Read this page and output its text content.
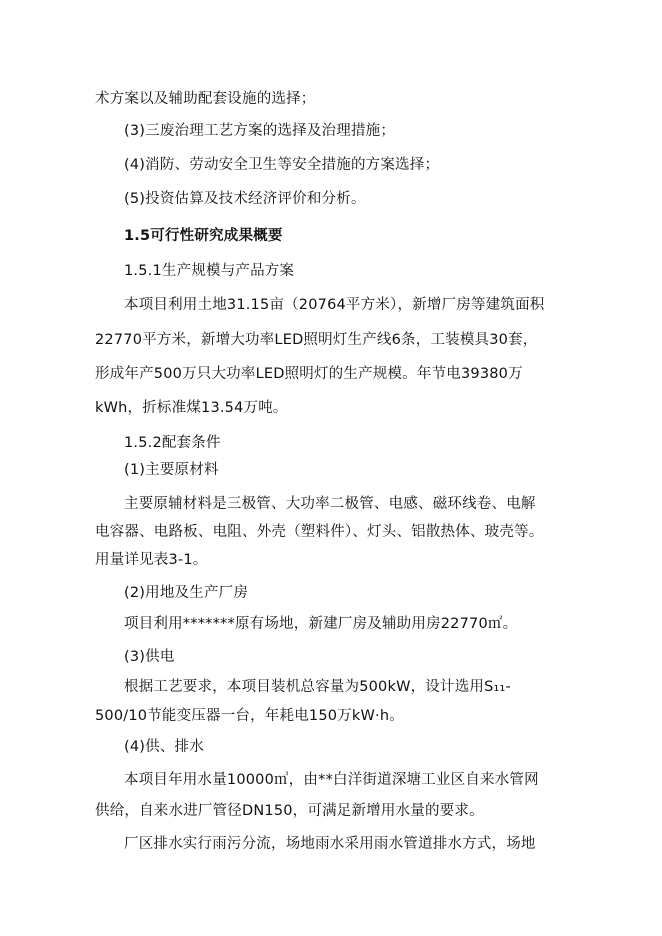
术方案以及辅助配套设施的选择；
(3)三废治理工艺方案的选择及治理措施；
(4)消防、劳动安全卫生等安全措施的方案选择；
(5)投资估算及技术经济评价和分析。
1.5可行性研究成果概要
1.5.1生产规模与产品方案
本项目利用土地31.15亩（20764平方米），新增厂房等建筑面积
22770平方米，新增大功率LED照明灯生产线6条，工装模具30套，
形成年产500万只大功率LED照明灯的生产规模。年节电39380万
kWh，折标准煤13.54万吨。
1.5.2配套条件
(1)主要原材料
主要原辅材料是三极管、大功率二极管、电感、磁环线卷、电解
电容器、电路板、电阻、外壳（塑料件）、灯头、铝散热体、玻壳等。
用量详见表3-1。
(2)用地及生产厂房
项目利用*******原有场地，新建厂房及辅助用房22770㎡。
(3)供电
根据工艺要求，本项目装机总容量为500kW，设计选用S₁₁-
500/10节能变压器一台，年耗电150万kW·h。
(4)供、排水
本项目年用水量10000㎥，由**白洋街道深塘工业区自来水管网
供给，自来水进厂管径DN150，可满足新增用水量的要求。
厂区排水实行雨污分流，场地雨水采用雨水管道排水方式，场地
